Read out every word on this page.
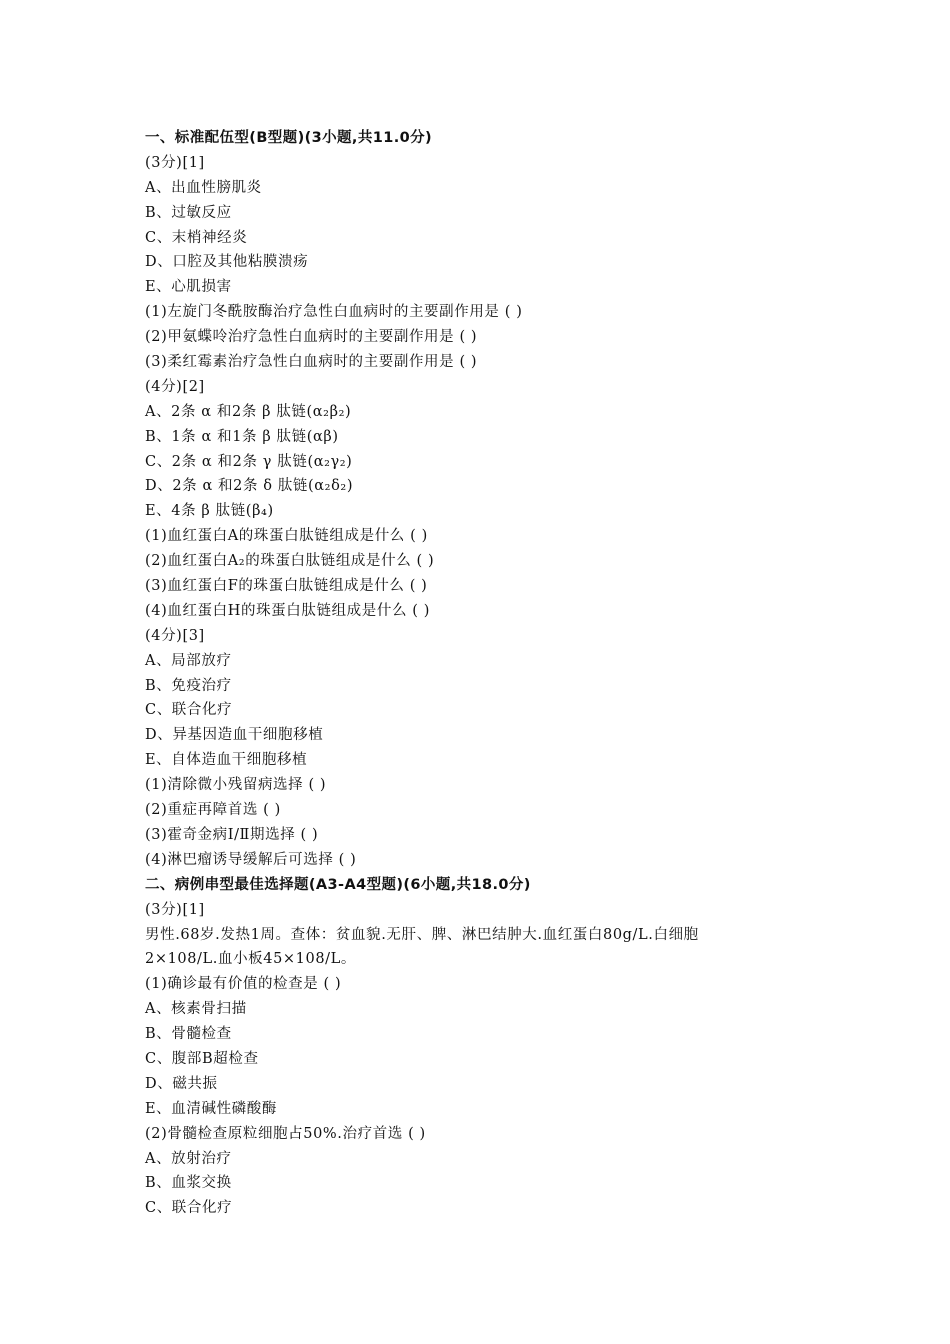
一、标准配伍型(B型题)(3小题,共11.0分)
(3分)[1]
A、出血性膀肌炎
B、过敏反应
C、末梢神经炎
D、口腔及其他粘膜溃疡
E、心肌损害
(1)左旋门冬酰胺酶治疗急性白血病时的主要副作用是 ( )
(2)甲氨蝶呤治疗急性白血病时的主要副作用是 ( )
(3)柔红霉素治疗急性白血病时的主要副作用是 ( )
(4分)[2]
A、2条 α 和2条 β 肽链(α₂β₂)
B、1条 α 和1条 β 肽链(αβ)
C、2条 α 和2条 γ 肽链(α₂γ₂)
D、2条 α 和2条 δ 肽链(α₂δ₂)
E、4条 β 肽链(β₄)
(1)血红蛋白A的珠蛋白肽链组成是什么 ( )
(2)血红蛋白A₂的珠蛋白肽链组成是什么 ( )
(3)血红蛋白F的珠蛋白肽链组成是什么 ( )
(4)血红蛋白H的珠蛋白肽链组成是什么 ( )
(4分)[3]
A、局部放疗
B、免疫治疗
C、联合化疗
D、异基因造血干细胞移植
E、自体造血干细胞移植
(1)清除微小残留病选择 ( )
(2)重症再障首选 ( )
(3)霍奇金病Ⅰ/Ⅱ期选择 ( )
(4)淋巴瘤诱导缓解后可选择 ( )
二、病例串型最佳选择题(A3-A4型题)(6小题,共18.0分)
(3分)[1]
男性.68岁.发热1周。查体：贫血貌.无肝、脾、淋巴结肿大.血红蛋白80g/L.白细胞
2×108/L.血小板45×108/L。
(1)确诊最有价值的检查是 ( )
A、核素骨扫描
B、骨髓检查
C、腹部B超检查
D、磁共振
E、血清碱性磷酸酶
(2)骨髓检查原粒细胞占50%.治疗首选 ( )
A、放射治疗
B、血浆交换
C、联合化疗
